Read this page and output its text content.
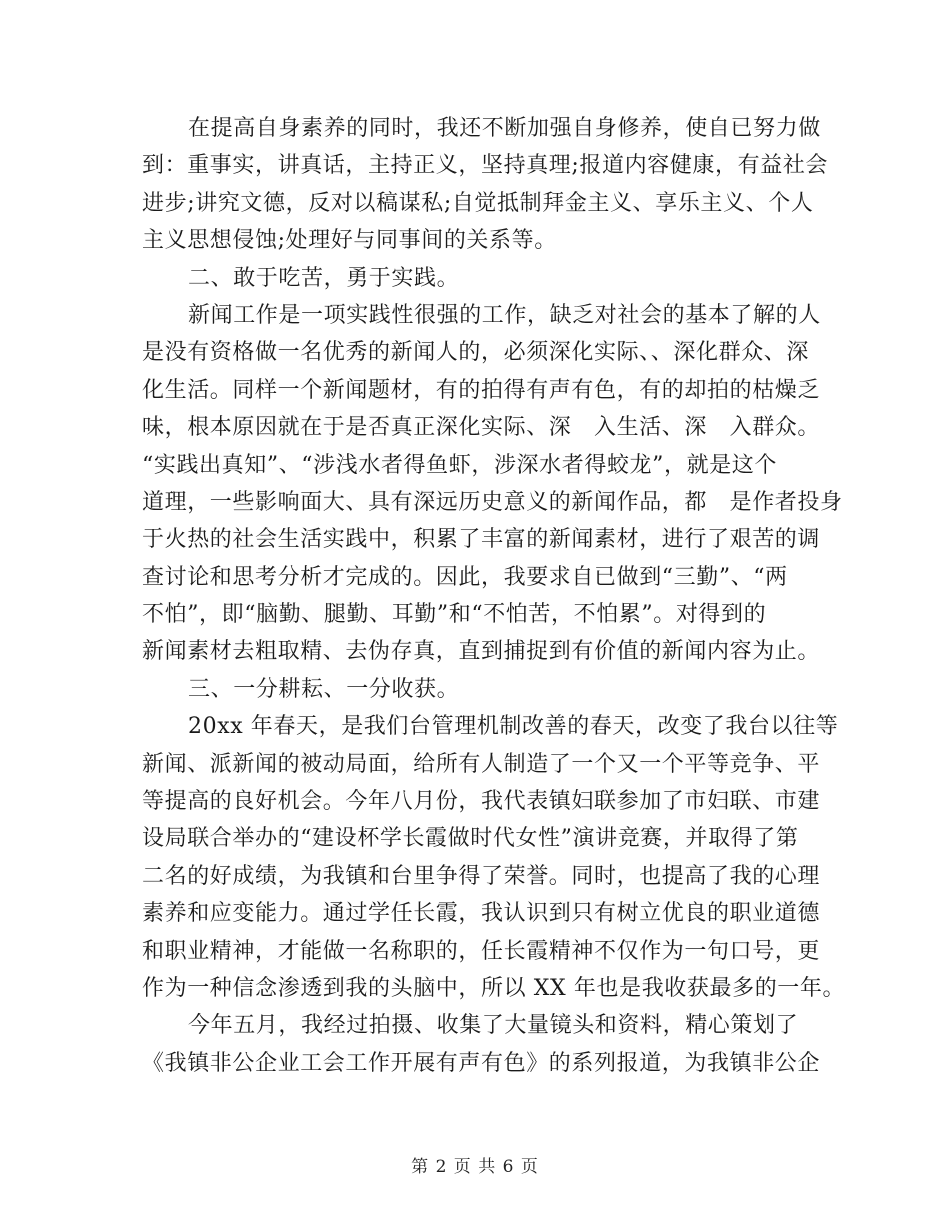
在提高自身素养的同时，我还不断加强自身修养，使自已努力做
到：重事实，讲真话，主持正义，坚持真理;报道内容健康，有益社会
进步;讲究文德，反对以稿谋私;自觉抵制拜金主义、享乐主义、个人
主义思想侵蚀;处理好与同事间的关系等。
二、敢于吃苦，勇于实践。
新闻工作是一项实践性很强的工作，缺乏对社会的基本了解的人
是没有资格做一名优秀的新闻人的，必须深化实际、、深化群众、深
化生活。同样一个新闻题材，有的拍得有声有色，有的却拍的枯燥乏
味，根本原因就在于是否真正深化实际、深　入生活、深　入群众。
“实践出真知”、“涉浅水者得鱼虾，涉深水者得蛟龙”，就是这个
道理，一些影响面大、具有深远历史意义的新闻作品，都　是作者投身
于火热的社会生活实践中，积累了丰富的新闻素材，进行了艰苦的调
查讨论和思考分析才完成的。因此，我要求自已做到“三勤”、“两
不怕”，即“脑勤、腿勤、耳勤”和“不怕苦，不怕累”。对得到的
新闻素材去粗取精、去伪存真，直到捕捉到有价值的新闻内容为止。
三、一分耕耘、一分收获。
20xx 年春天，是我们台管理机制改善的春天，改变了我台以往等
新闻、派新闻的被动局面，给所有人制造了一个又一个平等竞争、平
等提高的良好机会。今年八月份，我代表镇妇联参加了市妇联、市建
设局联合举办的“建设杯学长霞做时代女性”演讲竞赛，并取得了第
二名的好成绩，为我镇和台里争得了荣誉。同时，也提高了我的心理
素养和应变能力。通过学任长霞，我认识到只有树立优良的职业道德
和职业精神，才能做一名称职的，任长霞精神不仅作为一句口号，更
作为一种信念渗透到我的头脑中，所以 XX 年也是我收获最多的一年。
今年五月，我经过拍摄、收集了大量镜头和资料，精心策划了
《我镇非公企业工会工作开展有声有色》的系列报道，为我镇非公企
第 2 页 共 6 页
